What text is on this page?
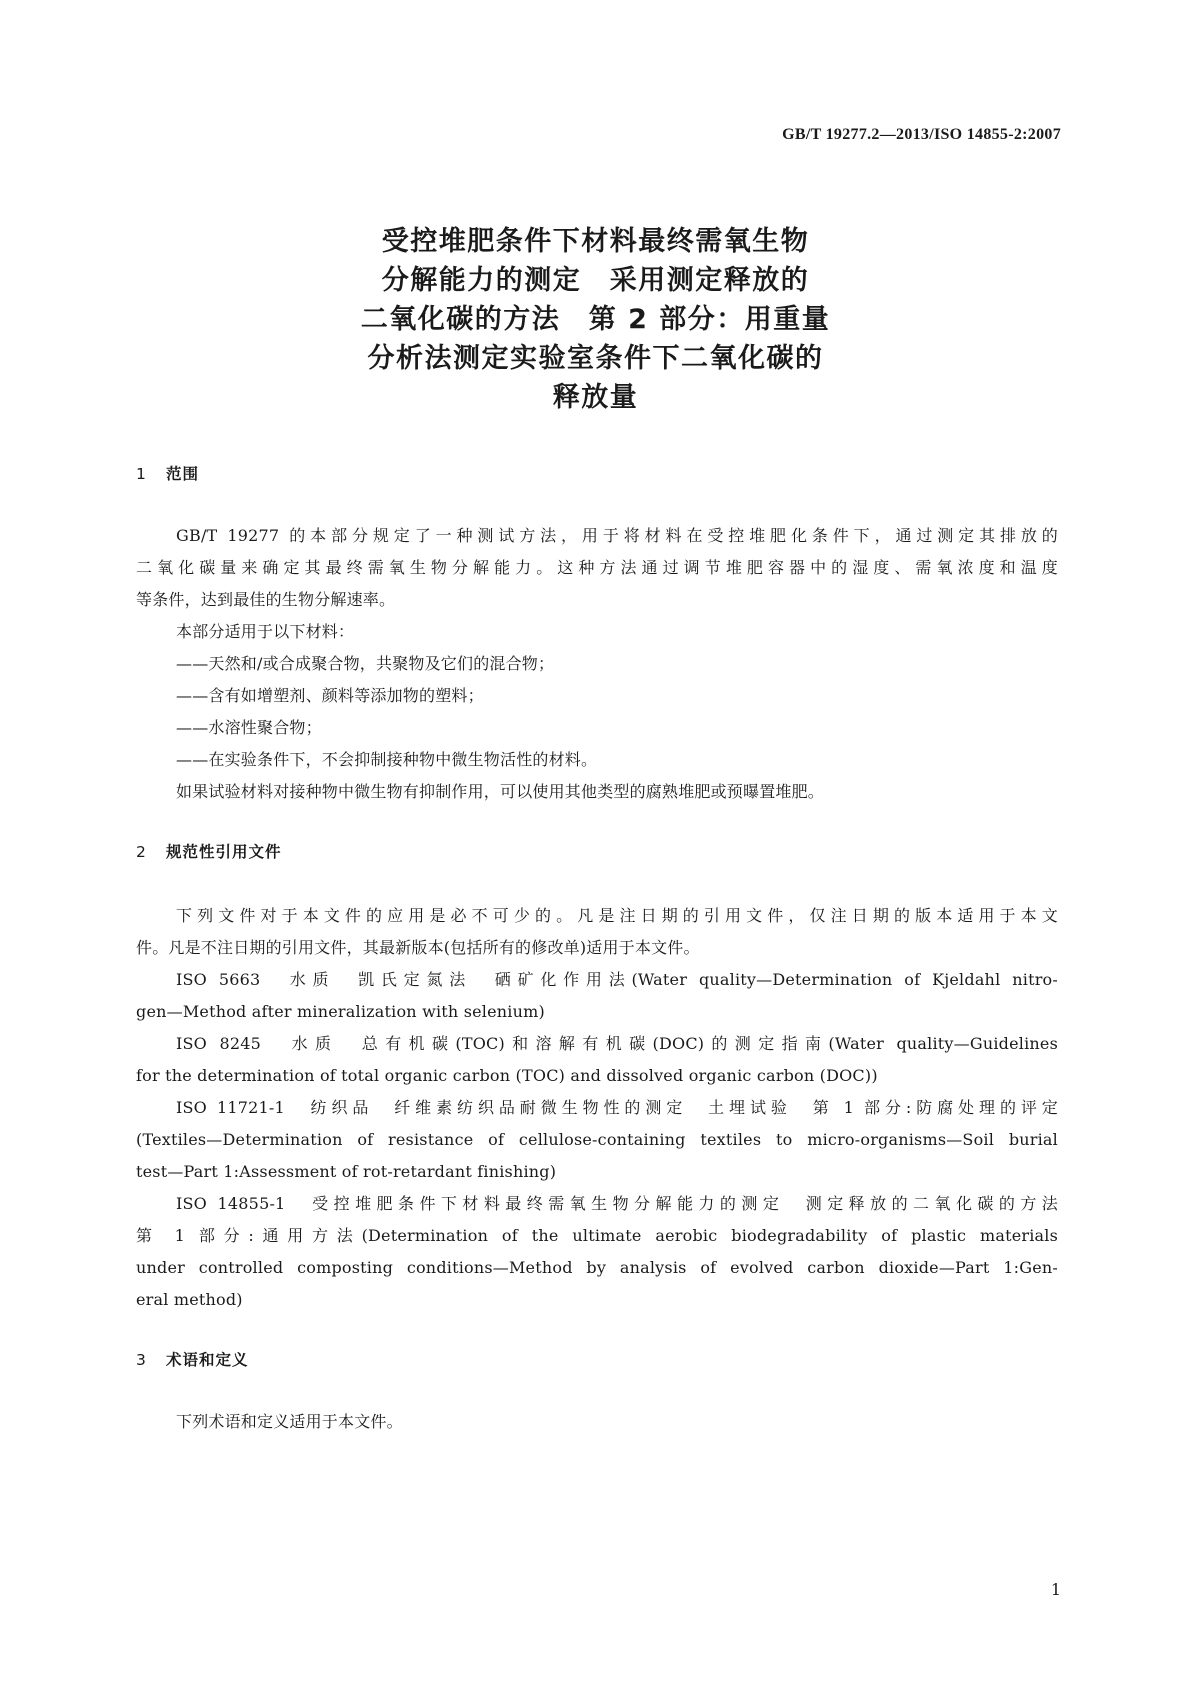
GB/T 19277.2—2013/ISO 14855-2:2007
受控堆肥条件下材料最终需氧生物
分解能力的测定　采用测定释放的
二氧化碳的方法　第 2 部分：用重量
分析法测定实验室条件下二氧化碳的
释放量
1 范围
GB/T 19277 的本部分规定了一种测试方法，用于将材料在受控堆肥化条件下，通过测定其排放的
二氧化碳量来确定其最终需氧生物分解能力。这种方法通过调节堆肥容器中的湿度、需氧浓度和温度
等条件，达到最佳的生物分解速率。
本部分适用于以下材料：
——天然和/或合成聚合物，共聚物及它们的混合物；
——含有如增塑剂、颜料等添加物的塑料；
——水溶性聚合物；
——在实验条件下，不会抑制接种物中微生物活性的材料。
如果试验材料对接种物中微生物有抑制作用，可以使用其他类型的腐熟堆肥或预曝置堆肥。
2 规范性引用文件
下列文件对于本文件的应用是必不可少的。凡是注日期的引用文件，仅注日期的版本适用于本文
件。凡是不注日期的引用文件，其最新版本(包括所有的修改单)适用于本文件。
ISO 5663　水质　凯氏定氮法　硒矿化作用法(Water quality—Determination of Kjeldahl nitro-
gen—Method after mineralization with selenium)
ISO 8245　水质　总有机碳(TOC)和溶解有机碳(DOC)的测定指南(Water quality—Guidelines
for the determination of total organic carbon (TOC) and dissolved organic carbon (DOC))
ISO 11721-1　纺织品　纤维素纺织品耐微生物性的测定　土埋试验　第 1 部分:防腐处理的评定
(Textiles—Determination of resistance of cellulose-containing textiles to micro-organisms—Soil burial
test—Part 1:Assessment of rot-retardant finishing)
ISO 14855-1　受控堆肥条件下材料最终需氧生物分解能力的测定　测定释放的二氧化碳的方法
第 1 部分:通用方法(Determination of the ultimate aerobic biodegradability of plastic materials
under controlled composting conditions—Method by analysis of evolved carbon dioxide—Part 1:Gen-
eral method)
3 术语和定义
下列术语和定义适用于本文件。
1
